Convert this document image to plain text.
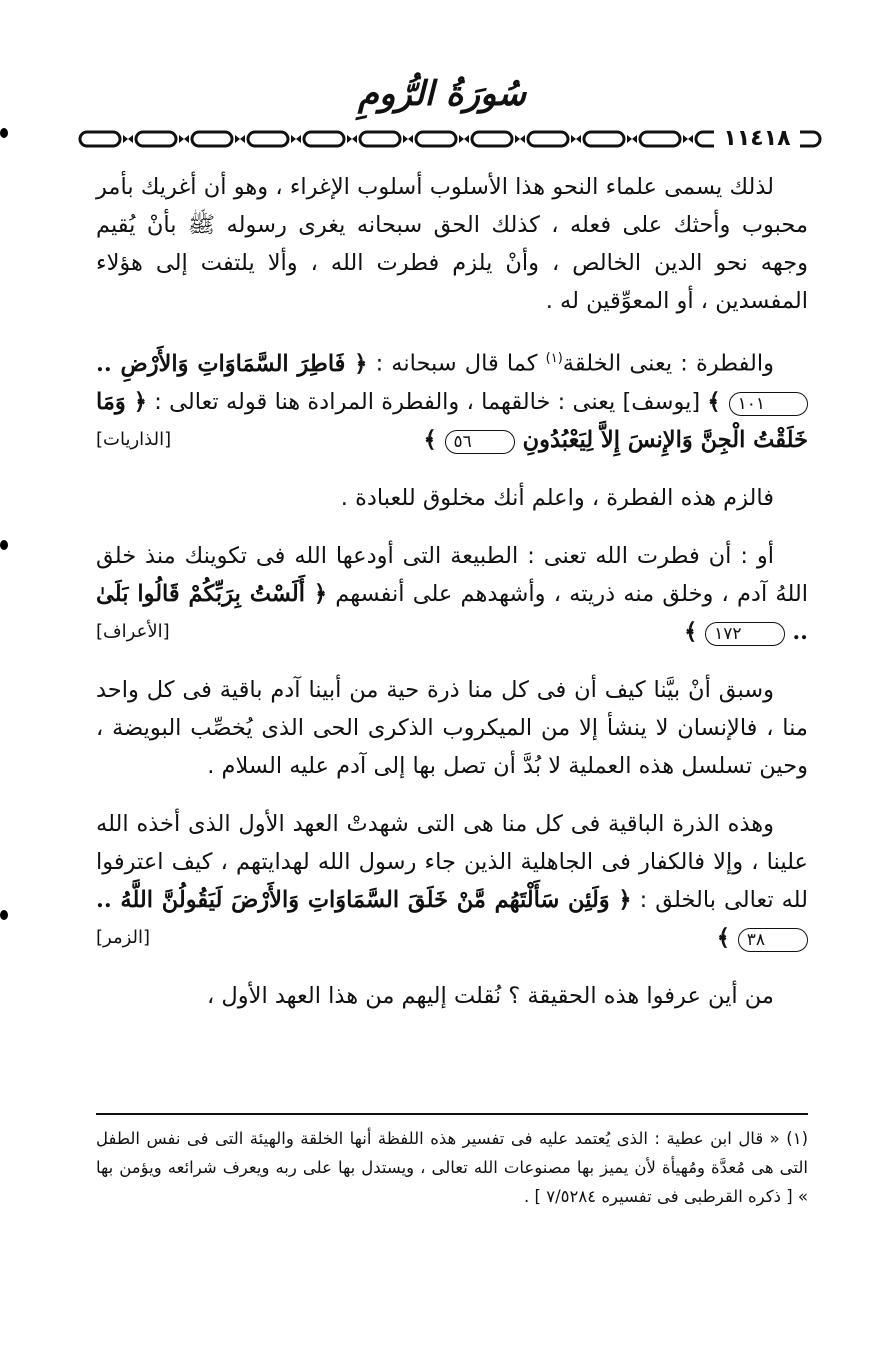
سُورَةُ الرُّومِ
١١٤١٨

لذلك يسمى علماء النحو هذا الأسلوب أسلوب الإغراء ، وهو أن أغريك بأمر محبوب وأحثك على فعله ، كذلك الحق سبحانه يغرى رسوله ﷺ بأنْ يُقيم وجهه نحو الدين الخالص ، وأنْ يلزم فطرت الله ، وألا يلتفت إلى هؤلاء المفسدين ، أو المعوِّقين له .

والفطرة : يعنى الخلقة$^{(١)}$ كما قال سبحانه : ﴿ فَاطِرَ السَّمَاوَاتِ وَالأَرْضِ .. ١٠١ ﴾ [يوسف] يعنى : خالقهما ، والفطرة المرادة هنا قوله تعالى : ﴿ وَمَا خَلَقْتُ الْجِنَّ وَالإِنسَ إِلاَّ لِيَعْبُدُونِ ٥٦ ﴾
[الذاريات]

فالزم هذه الفطرة ، واعلم أنك مخلوق للعبادة .

أو : أن فطرت الله تعنى : الطبيعة التى أودعها الله فى تكوينك منذ خلق اللهُ آدم ، وخلق منه ذريته ، وأشهدهم على أنفسهم ﴿ أَلَسْتُ بِرَبِّكُمْ قَالُوا بَلَىٰ .. ١٧٢ ﴾
[الأعراف]

وسبق أنْ بيَّنا كيف أن فى كل منا ذرة حية من أبينا آدم باقية فى كل واحد منا ، فالإنسان لا ينشأ إلا من الميكروب الذكرى الحى الذى يُخصِّب البويضة ، وحين تسلسل هذه العملية لا بُدَّ أن تصل بها إلى آدم عليه السلام .

وهذه الذرة الباقية فى كل منا هى التى شهدتْ العهد الأول الذى أخذه الله علينا ، وإلا فالكفار فى الجاهلية الذين جاء رسول الله لهدايتهم ، كيف اعترفوا لله تعالى بالخلق : ﴿ وَلَئِن سَأَلْتَهُم مَّنْ خَلَقَ السَّمَاوَاتِ وَالأَرْضَ لَيَقُولُنَّ اللَّهُ .. ٣٨ ﴾
[الزمر]

من أين عرفوا هذه الحقيقة ؟ نُقلت إليهم من هذا العهد الأول ،

(١) « قال ابن عطية : الذى يُعتمد عليه فى تفسير هذه اللفظة أنها الخلقة والهيئة التى فى نفس الطفل التى هى مُعدَّة ومُهيأة لأن يميز بها مصنوعات الله تعالى ، ويستدل بها على ربه ويعرف شرائعه ويؤمن بها » [ ذكره القرطبى فى تفسيره ٧/٥٢٨٤ ] .
